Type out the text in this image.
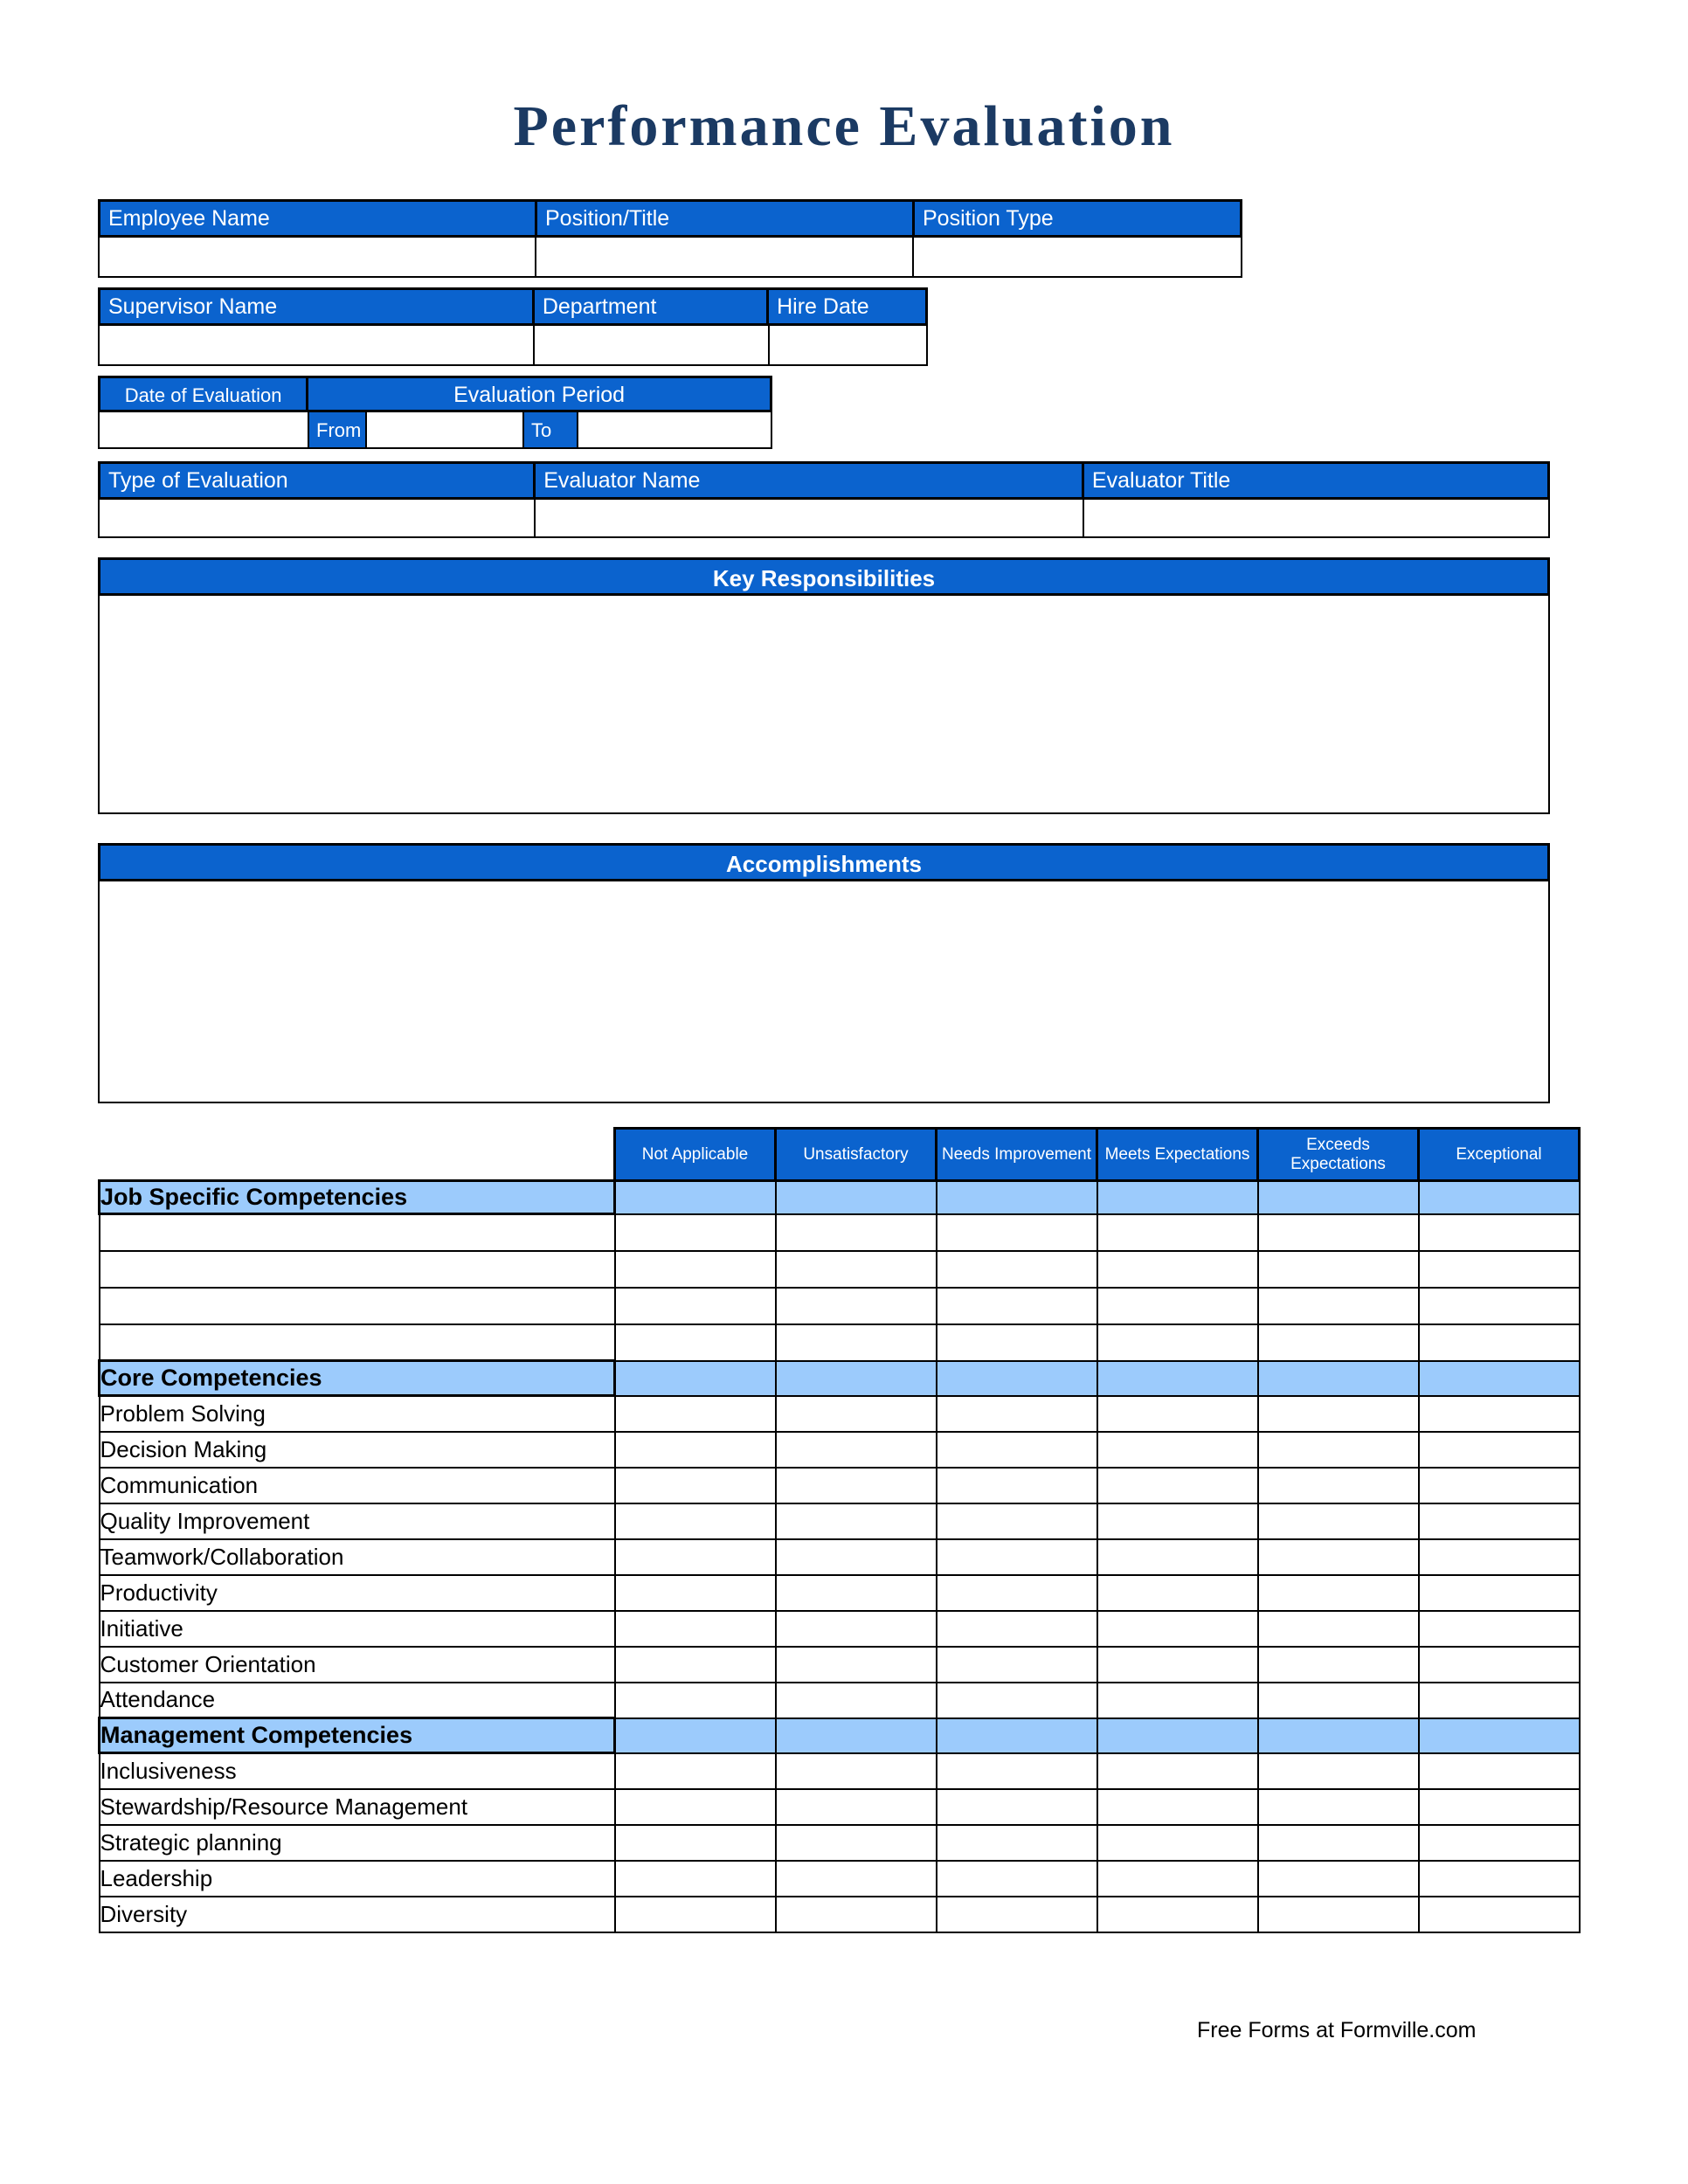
Performance Evaluation
Employee Name	Position/Title	Position Type
Supervisor Name	Department	Hire Date
Date of Evaluation	Evaluation Period
From	To
Type of Evaluation	Evaluator Name	Evaluator Title
Key Responsibilities
Accomplishments
	Not Applicable	Unsatisfactory	Needs Improvement	Meets Expectations	Exceeds Expectations	Exceptional
Job Specific Competencies						

Core Competencies						
Problem Solving						
Decision Making						
Communication						
Quality Improvement						
Teamwork/Collaboration						
Productivity						
Initiative						
Customer Orientation						
Attendance						
Management Competencies						
Inclusiveness						
Stewardship/Resource Management						
Strategic planning						
Leadership						
Diversity						
Free Forms at Formville.com
